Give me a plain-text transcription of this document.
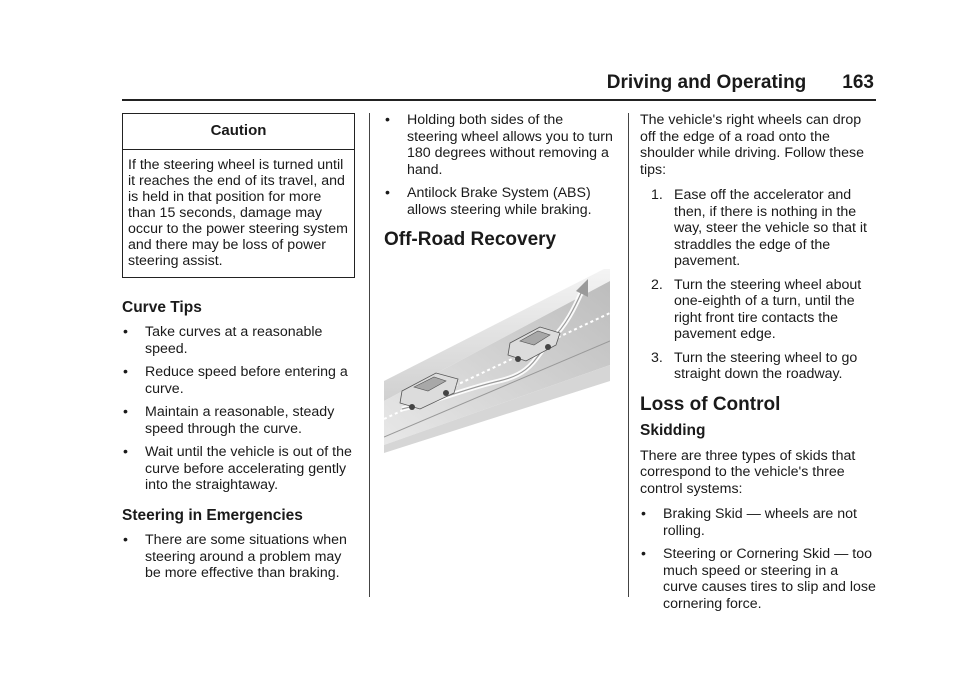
Driving and Operating 163
Caution
If the steering wheel is turned until it reaches the end of its travel, and is held in that position for more than 15 seconds, damage may occur to the power steering system and there may be loss of power steering assist.
Curve Tips
•	Take curves at a reasonable speed.
•	Reduce speed before entering a curve.
•	Maintain a reasonable, steady speed through the curve.
•	Wait until the vehicle is out of the curve before accelerating gently into the straightaway.
Steering in Emergencies
•	There are some situations when steering around a problem may be more effective than braking.
•	Holding both sides of the steering wheel allows you to turn 180 degrees without removing a hand.
•	Antilock Brake System (ABS) allows steering while braking.
Off-Road Recovery

The vehicle's right wheels can drop off the edge of a road onto the shoulder while driving. Follow these tips:

1. Ease off the accelerator and then, if there is nothing in the way, steer the vehicle so that it straddles the edge of the pavement.
2. Turn the steering wheel about one-eighth of a turn, until the right front tire contacts the pavement edge.
3. Turn the steering wheel to go straight down the roadway.
Loss of Control
Skidding

There are three types of skids that correspond to the vehicle's three control systems:

•	Braking Skid — wheels are not rolling.
•	Steering or Cornering Skid — too much speed or steering in a curve causes tires to slip and lose cornering force.
